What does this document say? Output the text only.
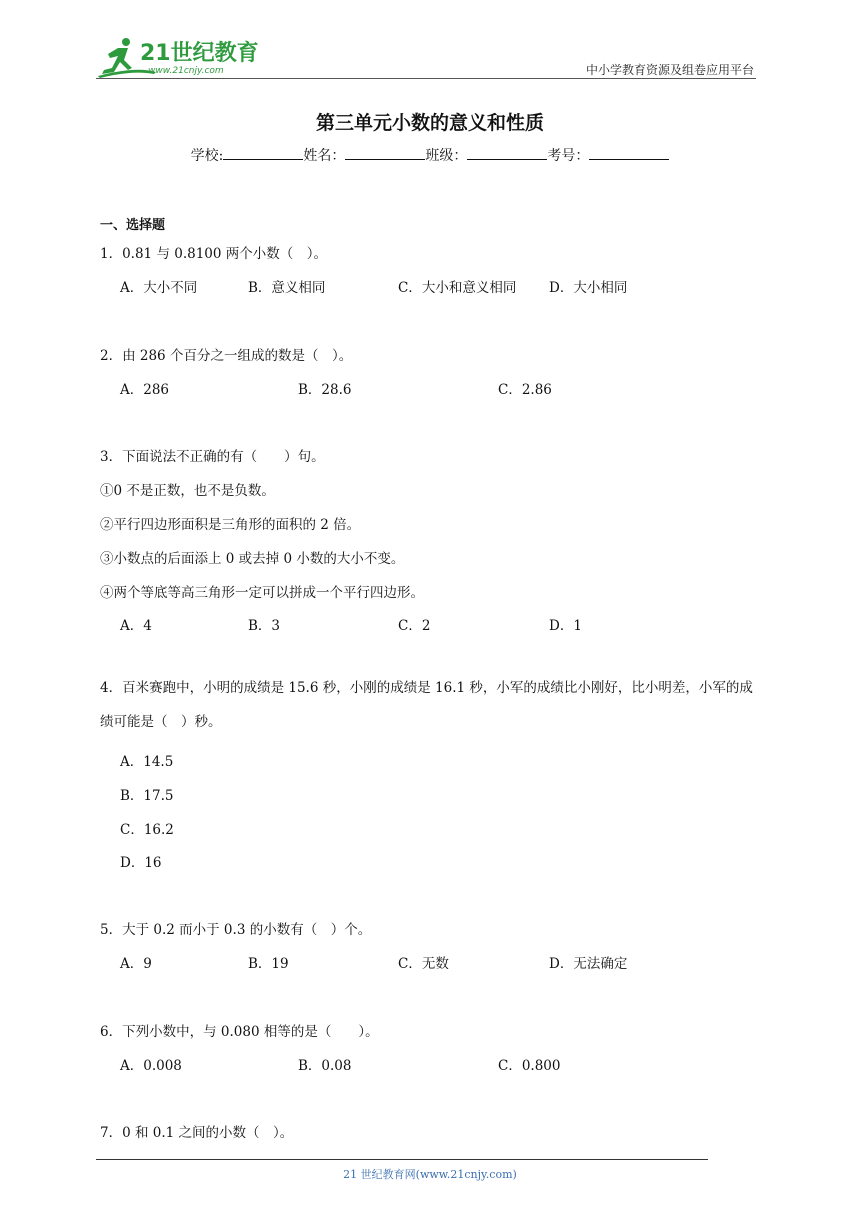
21世纪教育
www.21cnjy.com	中小学教育资源及组卷应用平台
第三单元小数的意义和性质
学校:	姓名：	班级：	考号：
一、选择题
1．0.81 与 0.8100 两个小数（　）。
A．大小不同	B．意义相同	C．大小和意义相同 D．大小相同
2．由 286 个百分之一组成的数是（　）。
A．286	B．28.6	C．2.86
3．下面说法不正确的有（　　）句。
①0 不是正数，也不是负数。
②平行四边形面积是三角形的面积的 2 倍。
③小数点的后面添上 0 或去掉 0 小数的大小不变。
④两个等底等高三角形一定可以拼成一个平行四边形。
A．4	B．3	C．2	D．1
4．百米赛跑中，小明的成绩是 15.6 秒，小刚的成绩是 16.1 秒，小军的成绩比小刚好，比小明差，小军的成绩可能是（　）秒。
A．14.5
B．17.5
C．16.2
D．16
5．大于 0.2 而小于 0.3 的小数有（　）个。
A．9	B．19	C．无数	D．无法确定
6．下列小数中，与 0.080 相等的是（　　）。
A．0.008	B．0.08	C．0.800
7．0 和 0.1 之间的小数（　）。
21 世纪教育网(www.21cnjy.com)
